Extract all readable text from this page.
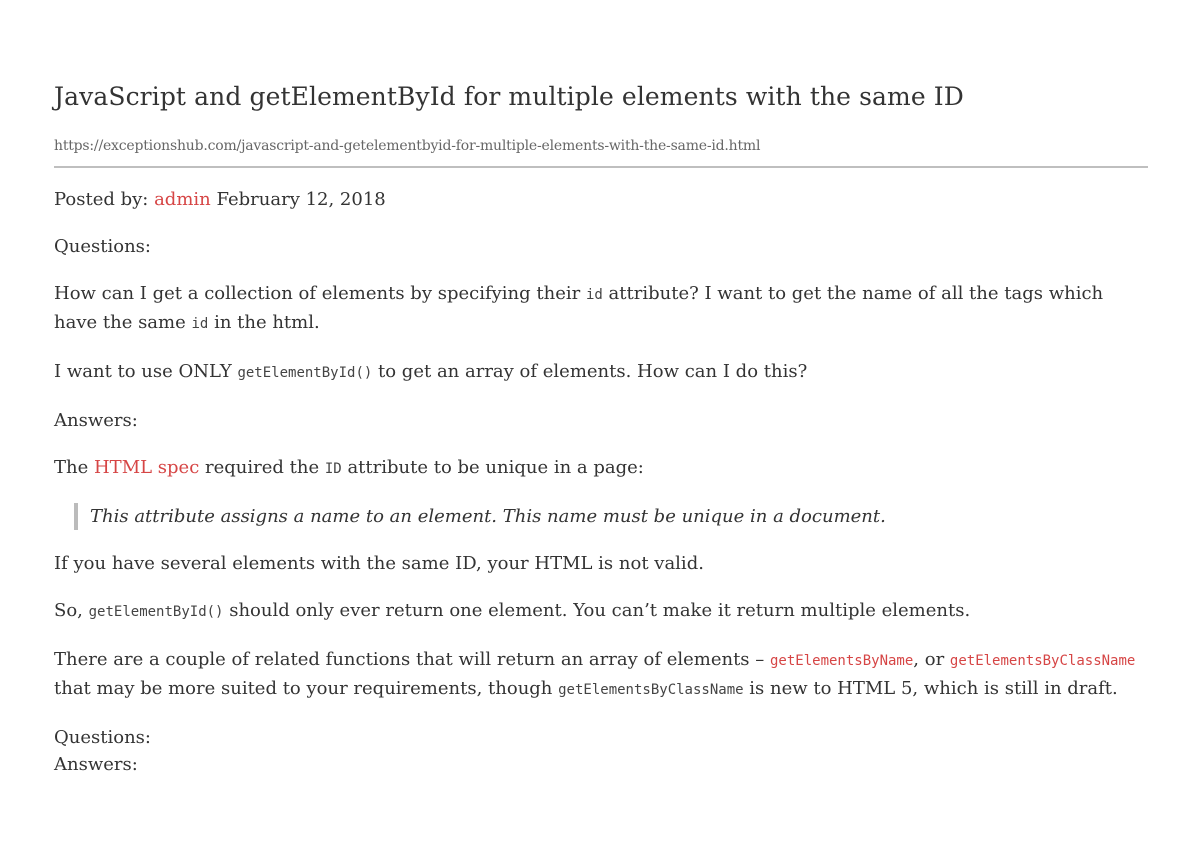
JavaScript and getElementById for multiple elements with the same ID
https://exceptionshub.com/javascript-and-getelementbyid-for-multiple-elements-with-the-same-id.html

Posted by: admin February 12, 2018

Questions:

How can I get a collection of elements by specifying their id attribute? I want to get the name of all the tags which have the same id in the html.

I want to use ONLY getElementById() to get an array of elements. How can I do this?

Answers:

The HTML spec required the ID attribute to be unique in a page:

This attribute assigns a name to an element. This name must be unique in a document.

If you have several elements with the same ID, your HTML is not valid.

So, getElementById() should only ever return one element. You can’t make it return multiple elements.

There are a couple of related functions that will return an array of elements – getElementsByName, or getElementsByClassName that may be more suited to your requirements, though getElementsByClassName is new to HTML 5, which is still in draft.

Questions:

Answers:
